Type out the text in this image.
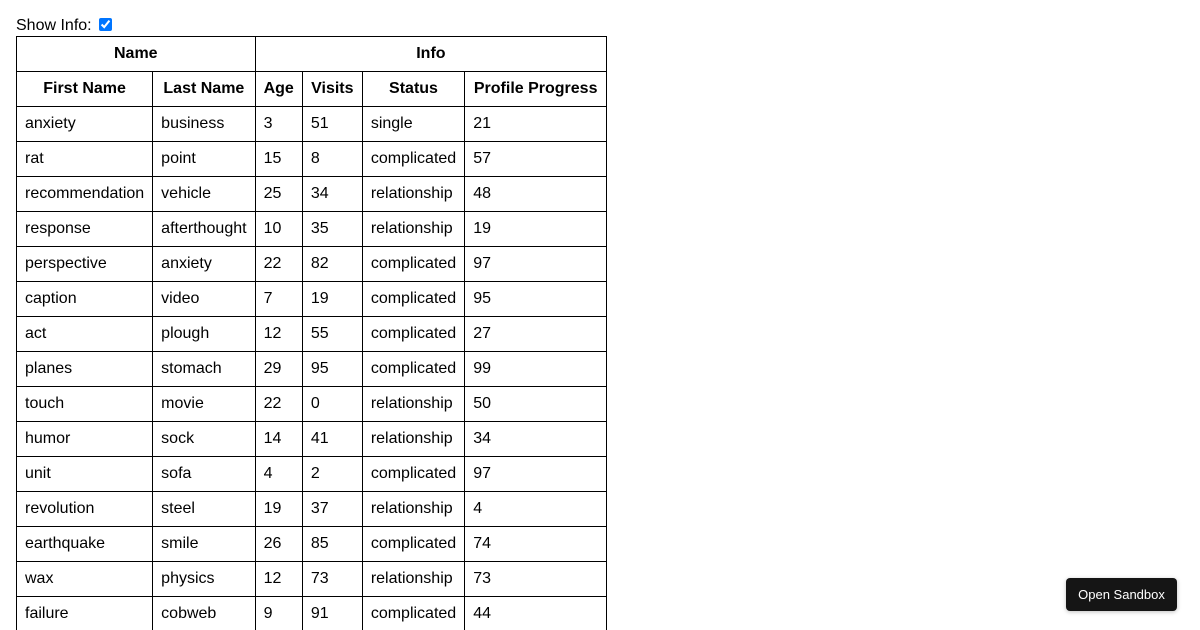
Show Info:
Name		Info			
First Name	Last Name	Age	Visits	Status	Profile Progress
anxiety	business	3	51	single	21
rat	point	15	8	complicated	57
recommendation	vehicle	25	34	relationship	48
response	afterthought	10	35	relationship	19
perspective	anxiety	22	82	complicated	97
caption	video	7	19	complicated	95
act	plough	12	55	complicated	27
planes	stomach	29	95	complicated	99
touch	movie	22	0	relationship	50
humor	sock	14	41	relationship	34
unit	sofa	4	2	complicated	97
revolution	steel	19	37	relationship	4
earthquake	smile	26	85	complicated	74
wax	physics	12	73	relationship	73
failure	cobweb	9	91	complicated	44
Open Sandbox
